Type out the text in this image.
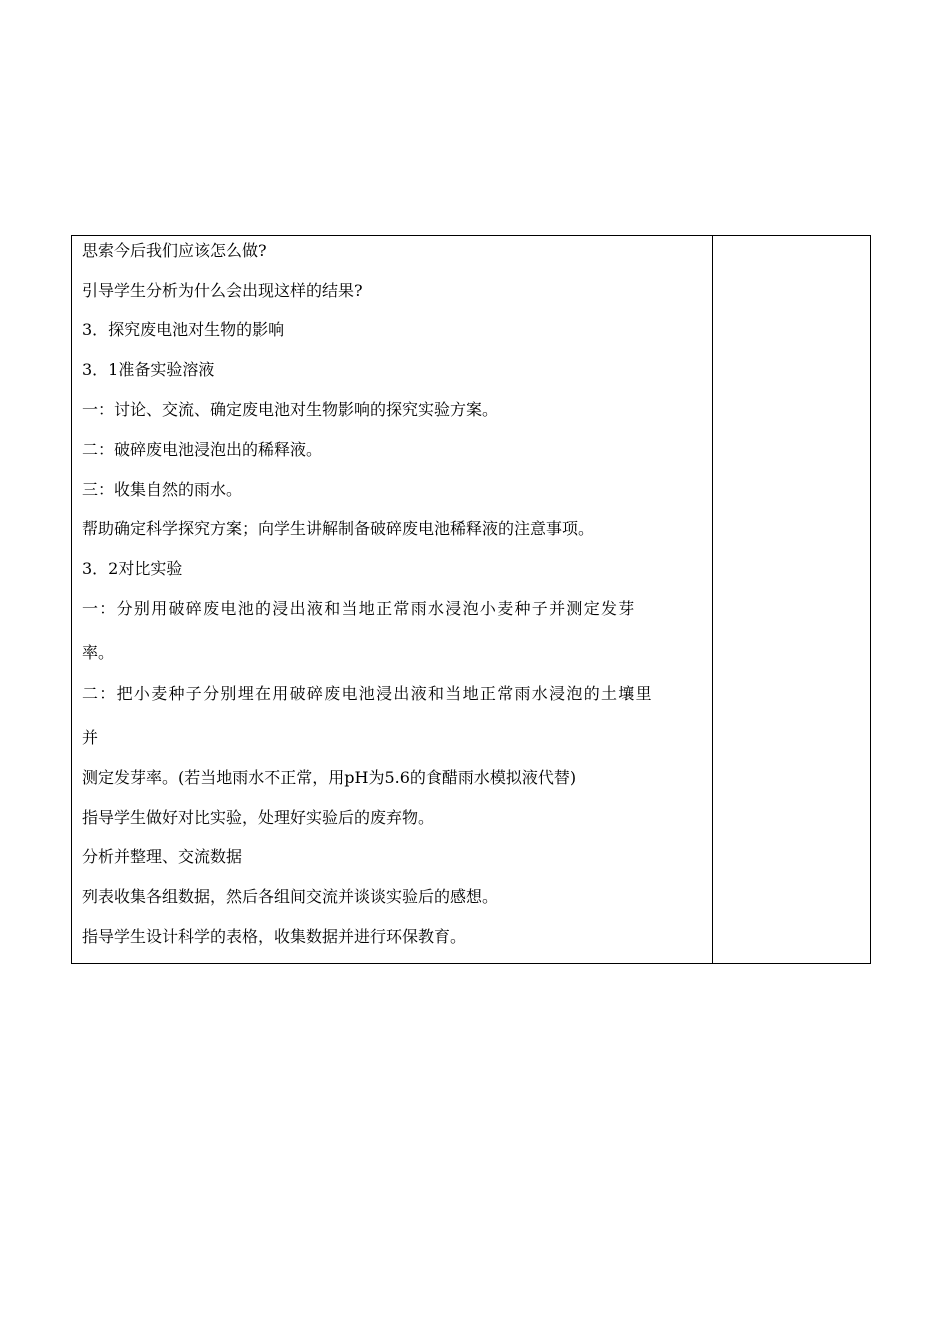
思索今后我们应该怎么做?
引导学生分析为什么会出现这样的结果?
3．探究废电池对生物的影响
3．1准备实验溶液
一：讨论、交流、确定废电池对生物影响的探究实验方案。
二：破碎废电池浸泡出的稀释液。
三：收集自然的雨水。
帮助确定科学探究方案；向学生讲解制备破碎废电池稀释液的注意事项。
3．2对比实验
一：分别用破碎废电池的浸出液和当地正常雨水浸泡小麦种子并测定发芽
率。
二：把小麦种子分别埋在用破碎废电池浸出液和当地正常雨水浸泡的土壤里
并
测定发芽率。(若当地雨水不正常，用pH为5.6的食醋雨水模拟液代替)
指导学生做好对比实验，处理好实验后的废弃物。
分析并整理、交流数据
列表收集各组数据，然后各组间交流并谈谈实验后的感想。
指导学生设计科学的表格，收集数据并进行环保教育。
